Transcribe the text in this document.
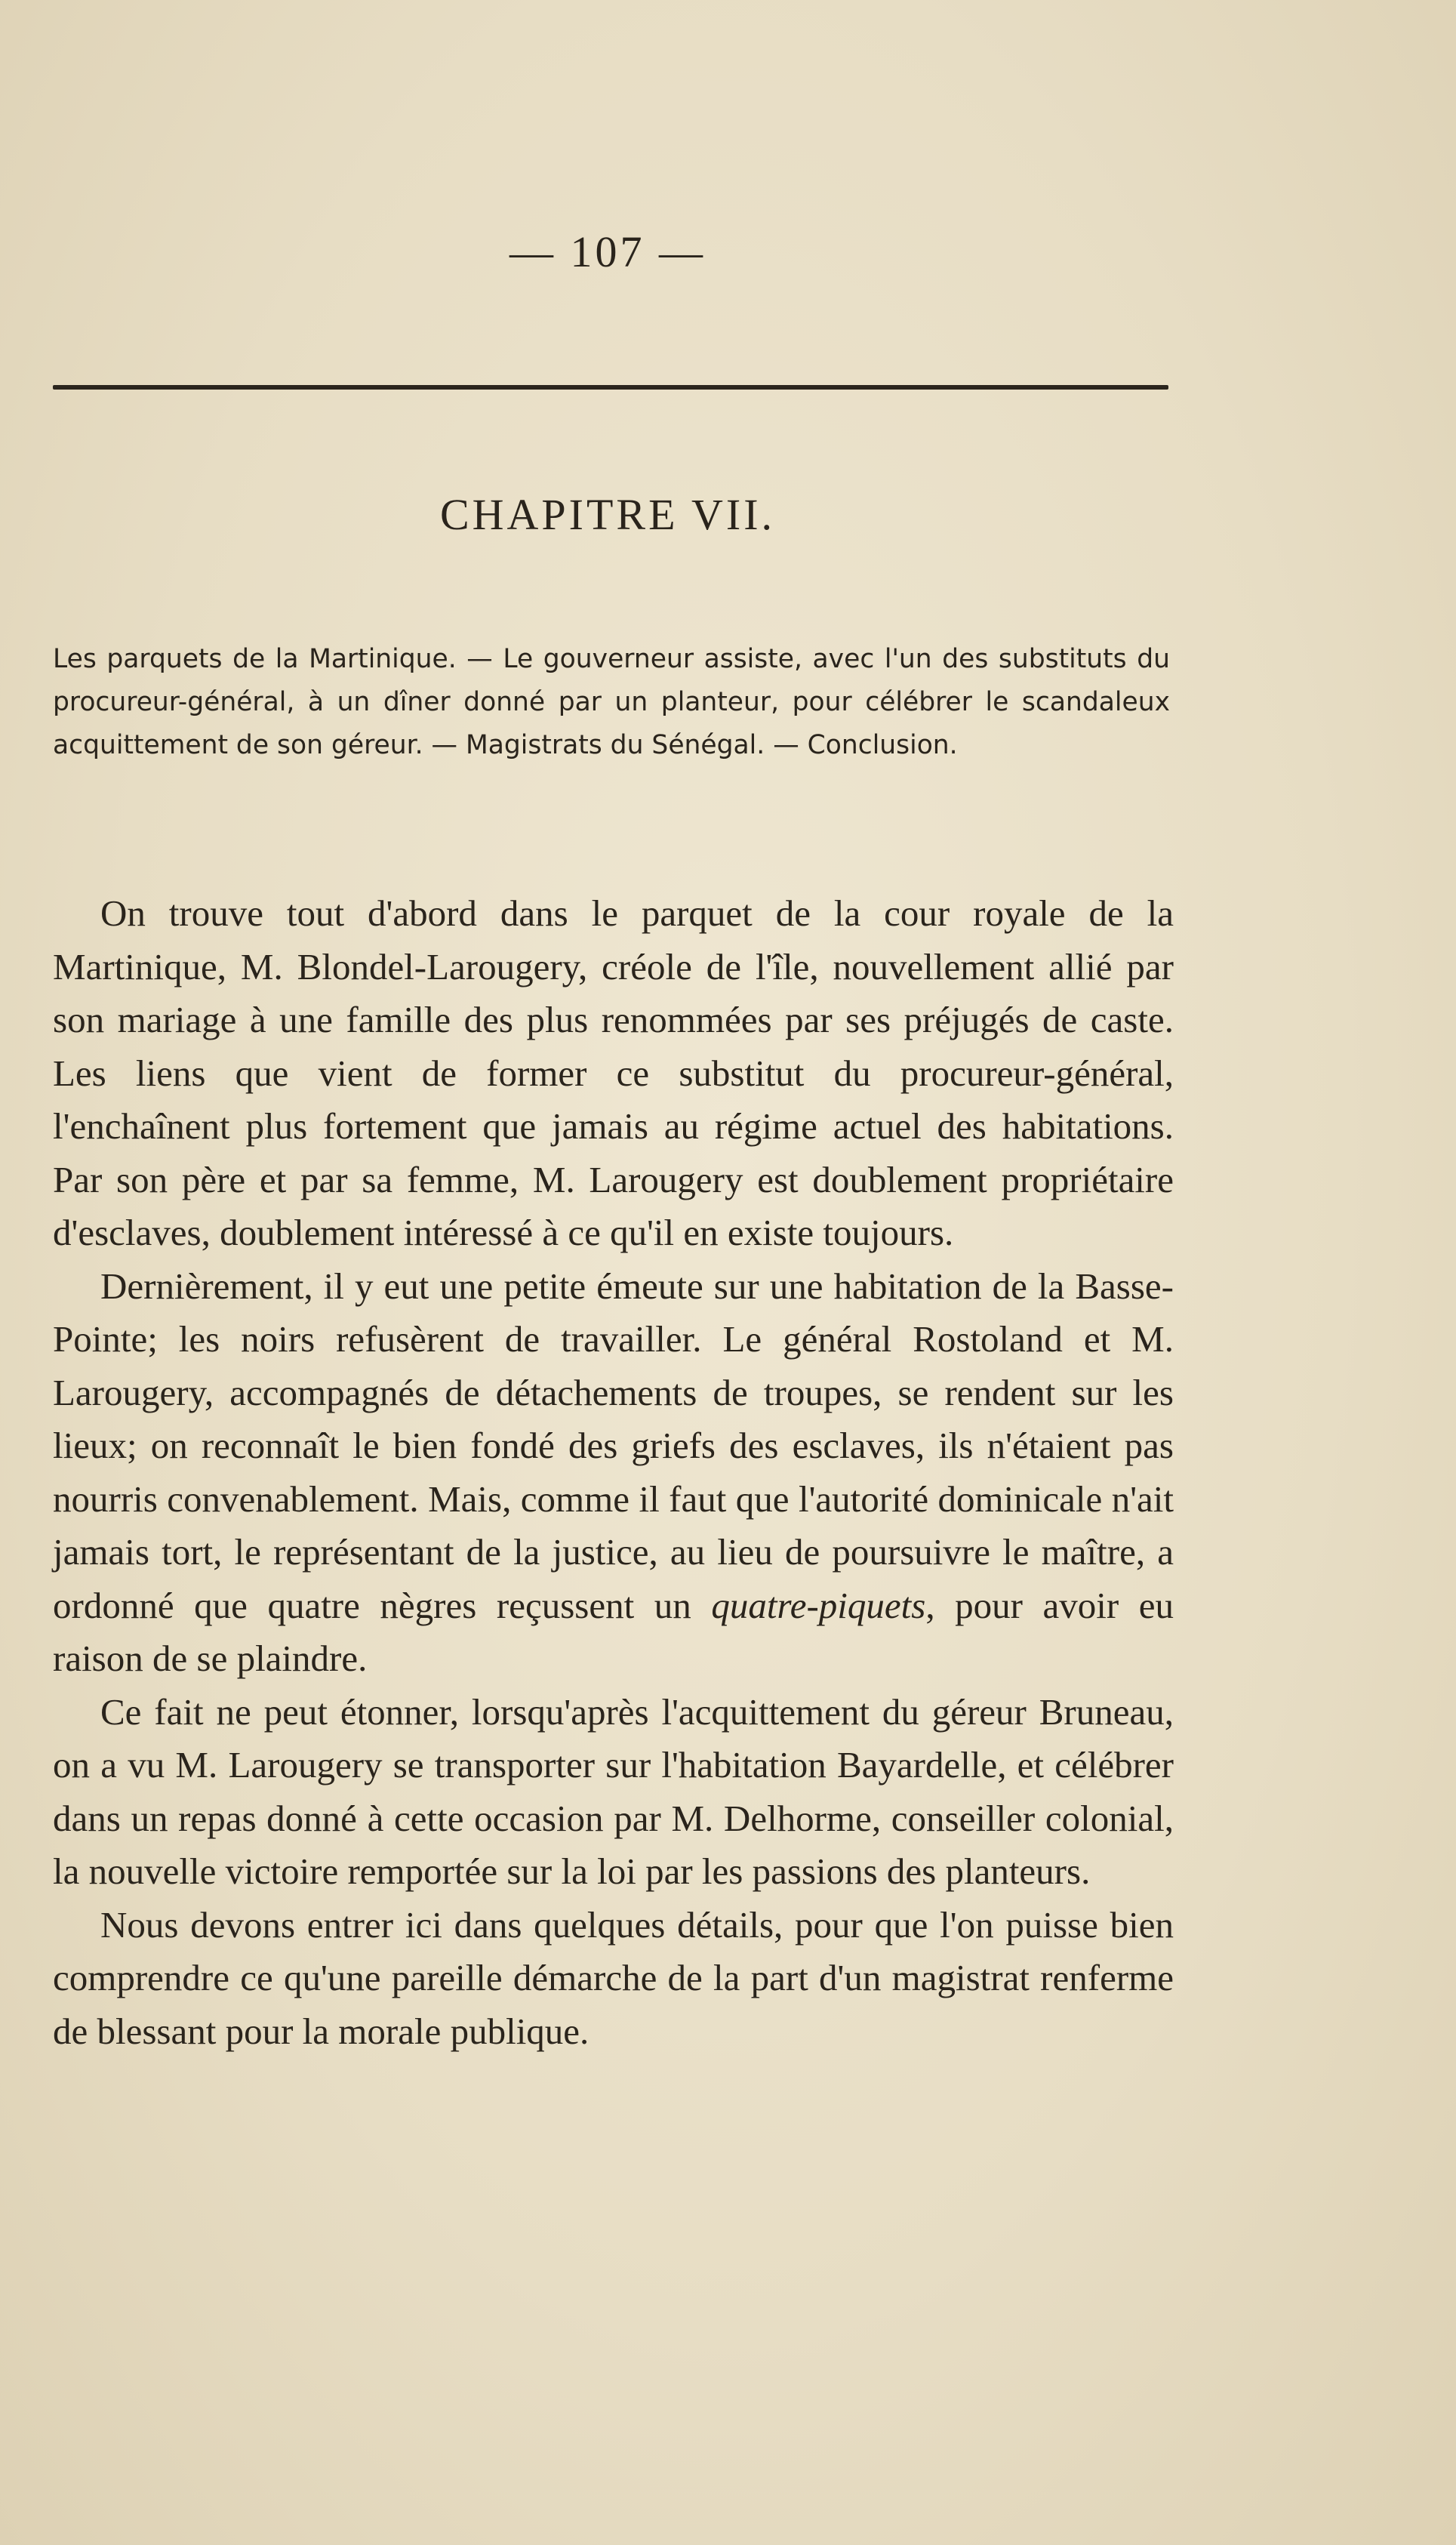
— 107 —
CHAPITRE VII.

Les parquets de la Martinique. — Le gouverneur assiste, avec l'un des substituts du procureur-général, à un dîner donné par un planteur, pour célébrer le scandaleux acquittement de son géreur. — Magistrats du Sénégal. — Conclusion.

On trouve tout d'abord dans le parquet de la cour royale de la Martinique, M. Blondel-Larougery, créole de l'île, nouvellement allié par son mariage à une famille des plus renommées par ses préjugés de caste. Les liens que vient de former ce substitut du procureur-général, l'enchaînent plus fortement que jamais au régime actuel des habitations. Par son père et par sa femme, M. Larougery est doublement propriétaire d'esclaves, doublement intéressé à ce qu'il en existe toujours.

Dernièrement, il y eut une petite émeute sur une habitation de la Basse-Pointe; les noirs refusèrent de travailler. Le général Rostoland et M. Larougery, accompagnés de détachements de troupes, se rendent sur les lieux; on reconnaît le bien fondé des griefs des esclaves, ils n'étaient pas nourris convenablement. Mais, comme il faut que l'autorité dominicale n'ait jamais tort, le représentant de la justice, au lieu de poursuivre le maître, a ordonné que quatre nègres reçussent un quatre-piquets, pour avoir eu raison de se plaindre.

Ce fait ne peut étonner, lorsqu'après l'acquittement du géreur Bruneau, on a vu M. Larougery se transporter sur l'habitation Bayardelle, et célébrer dans un repas donné à cette occasion par M. Delhorme, conseiller colonial, la nouvelle victoire remportée sur la loi par les passions des planteurs.

Nous devons entrer ici dans quelques détails, pour que l'on puisse bien comprendre ce qu'une pareille démarche de la part d'un magistrat renferme de blessant pour la morale publique.
